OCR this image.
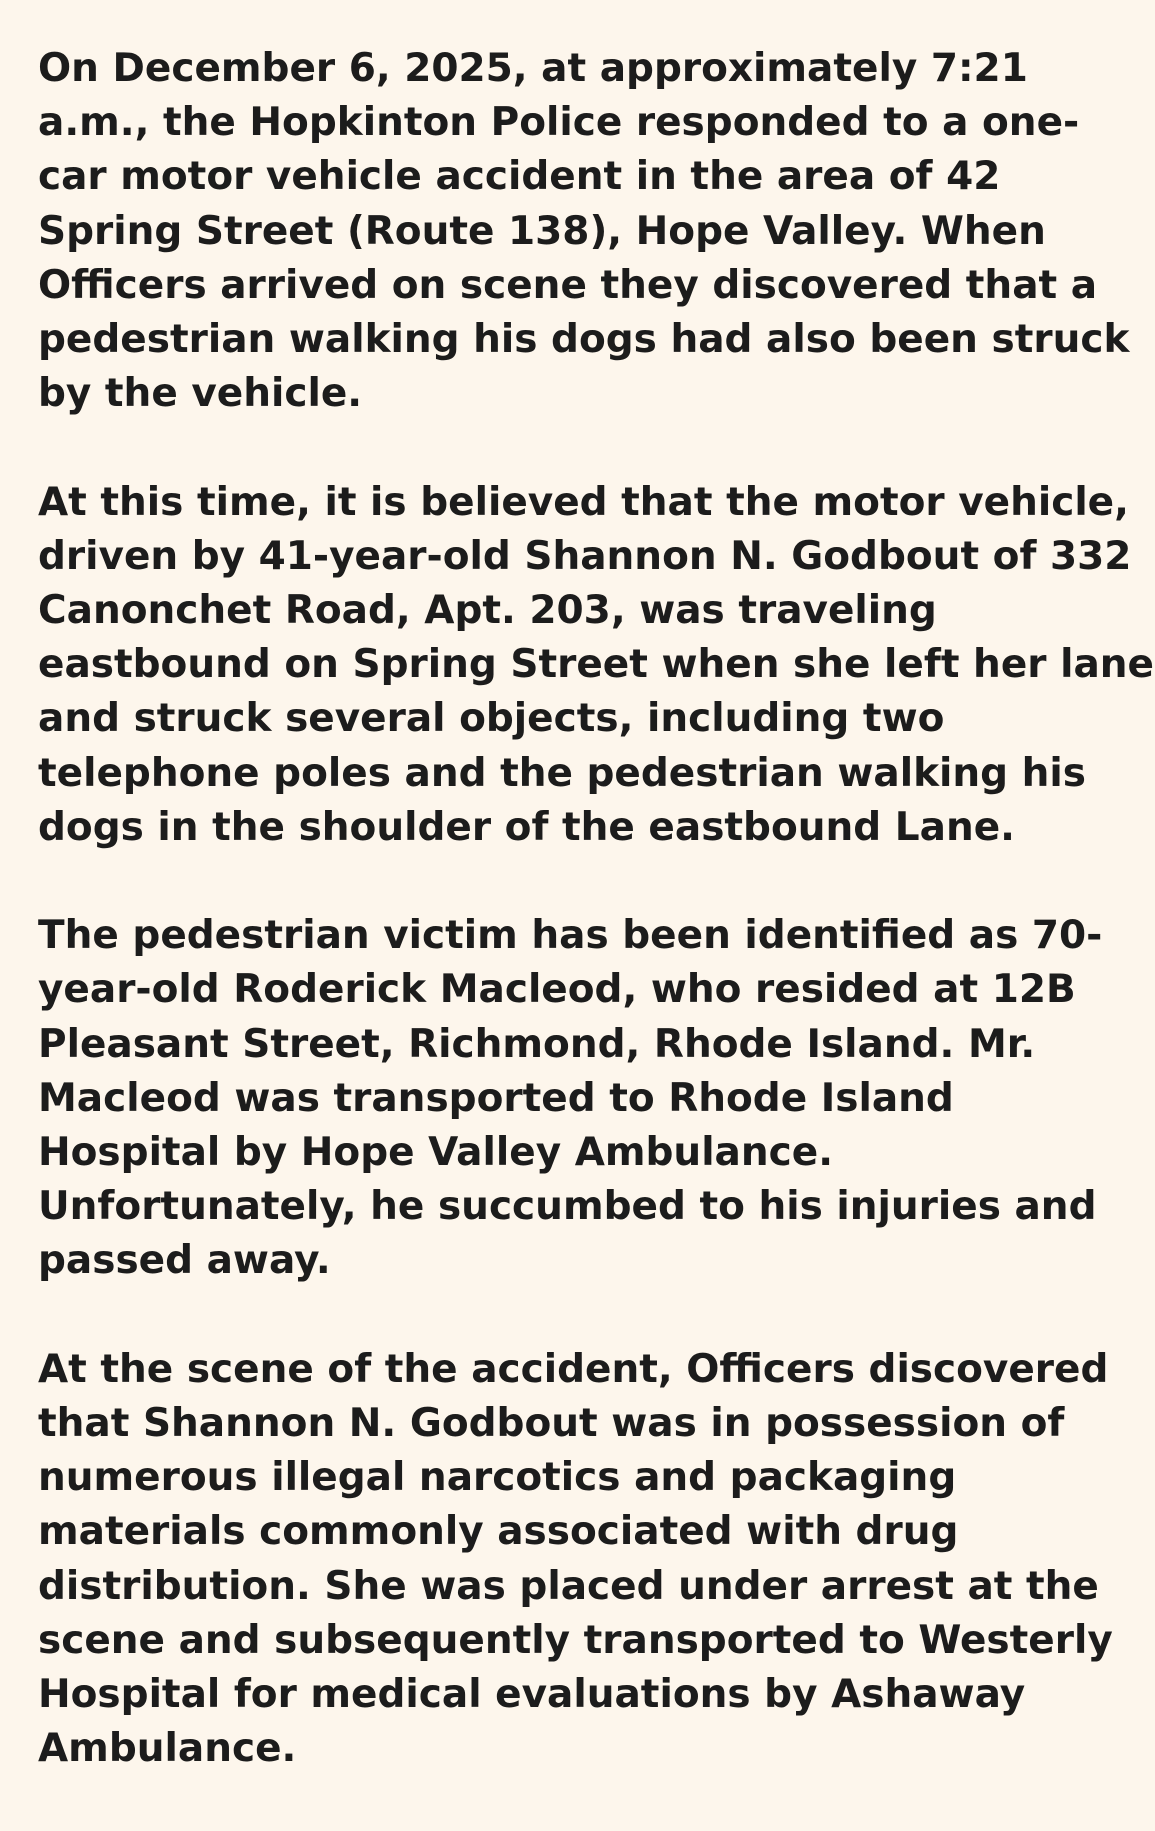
On December 6, 2025, at approximately 7:21
a.m., the Hopkinton Police responded to a one-
car motor vehicle accident in the area of 42
Spring Street (Route 138), Hope Valley. When
Officers arrived on scene they discovered that a
pedestrian walking his dogs had also been struck
by the vehicle.

At this time, it is believed that the motor vehicle,
driven by 41-year-old Shannon N. Godbout of 332
Canonchet Road, Apt. 203, was traveling
eastbound on Spring Street when she left her lane
and struck several objects, including two
telephone poles and the pedestrian walking his
dogs in the shoulder of the eastbound Lane.

The pedestrian victim has been identified as 70-
year-old Roderick Macleod, who resided at 12B
Pleasant Street, Richmond, Rhode Island. Mr.
Macleod was transported to Rhode Island
Hospital by Hope Valley Ambulance.
Unfortunately, he succumbed to his injuries and
passed away.

At the scene of the accident, Officers discovered
that Shannon N. Godbout was in possession of
numerous illegal narcotics and packaging
materials commonly associated with drug
distribution. She was placed under arrest at the
scene and subsequently transported to Westerly
Hospital for medical evaluations by Ashaway
Ambulance.
